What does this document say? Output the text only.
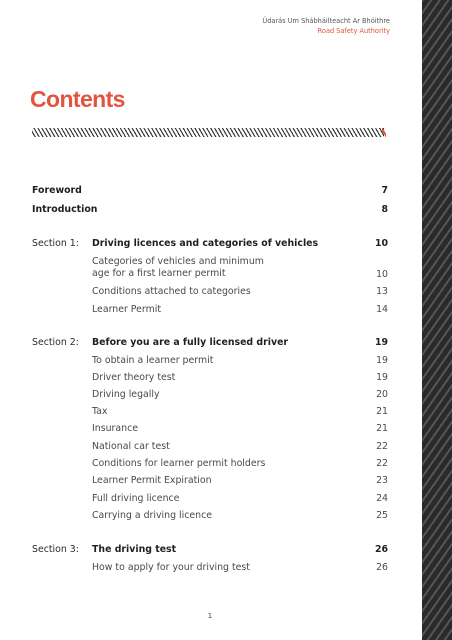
Údarás Um Shábháilteacht Ar Bhóithre
Road Safety Authority
Contents
Foreword	7
Introduction	8
Section 1: Driving licences and categories of vehicles	10
Categories of vehicles and minimum
age for a first learner permit	10
Conditions attached to categories	13
Learner Permit	14
Section 2: Before you are a fully licensed driver	19
To obtain a learner permit	19
Driver theory test	19
Driving legally	20
Tax	21
Insurance	21
National car test	22
Conditions for learner permit holders	22
Learner Permit Expiration	23
Full driving licence	24
Carrying a driving licence	25
Section 3: The driving test	26
How to apply for your driving test	26
1
